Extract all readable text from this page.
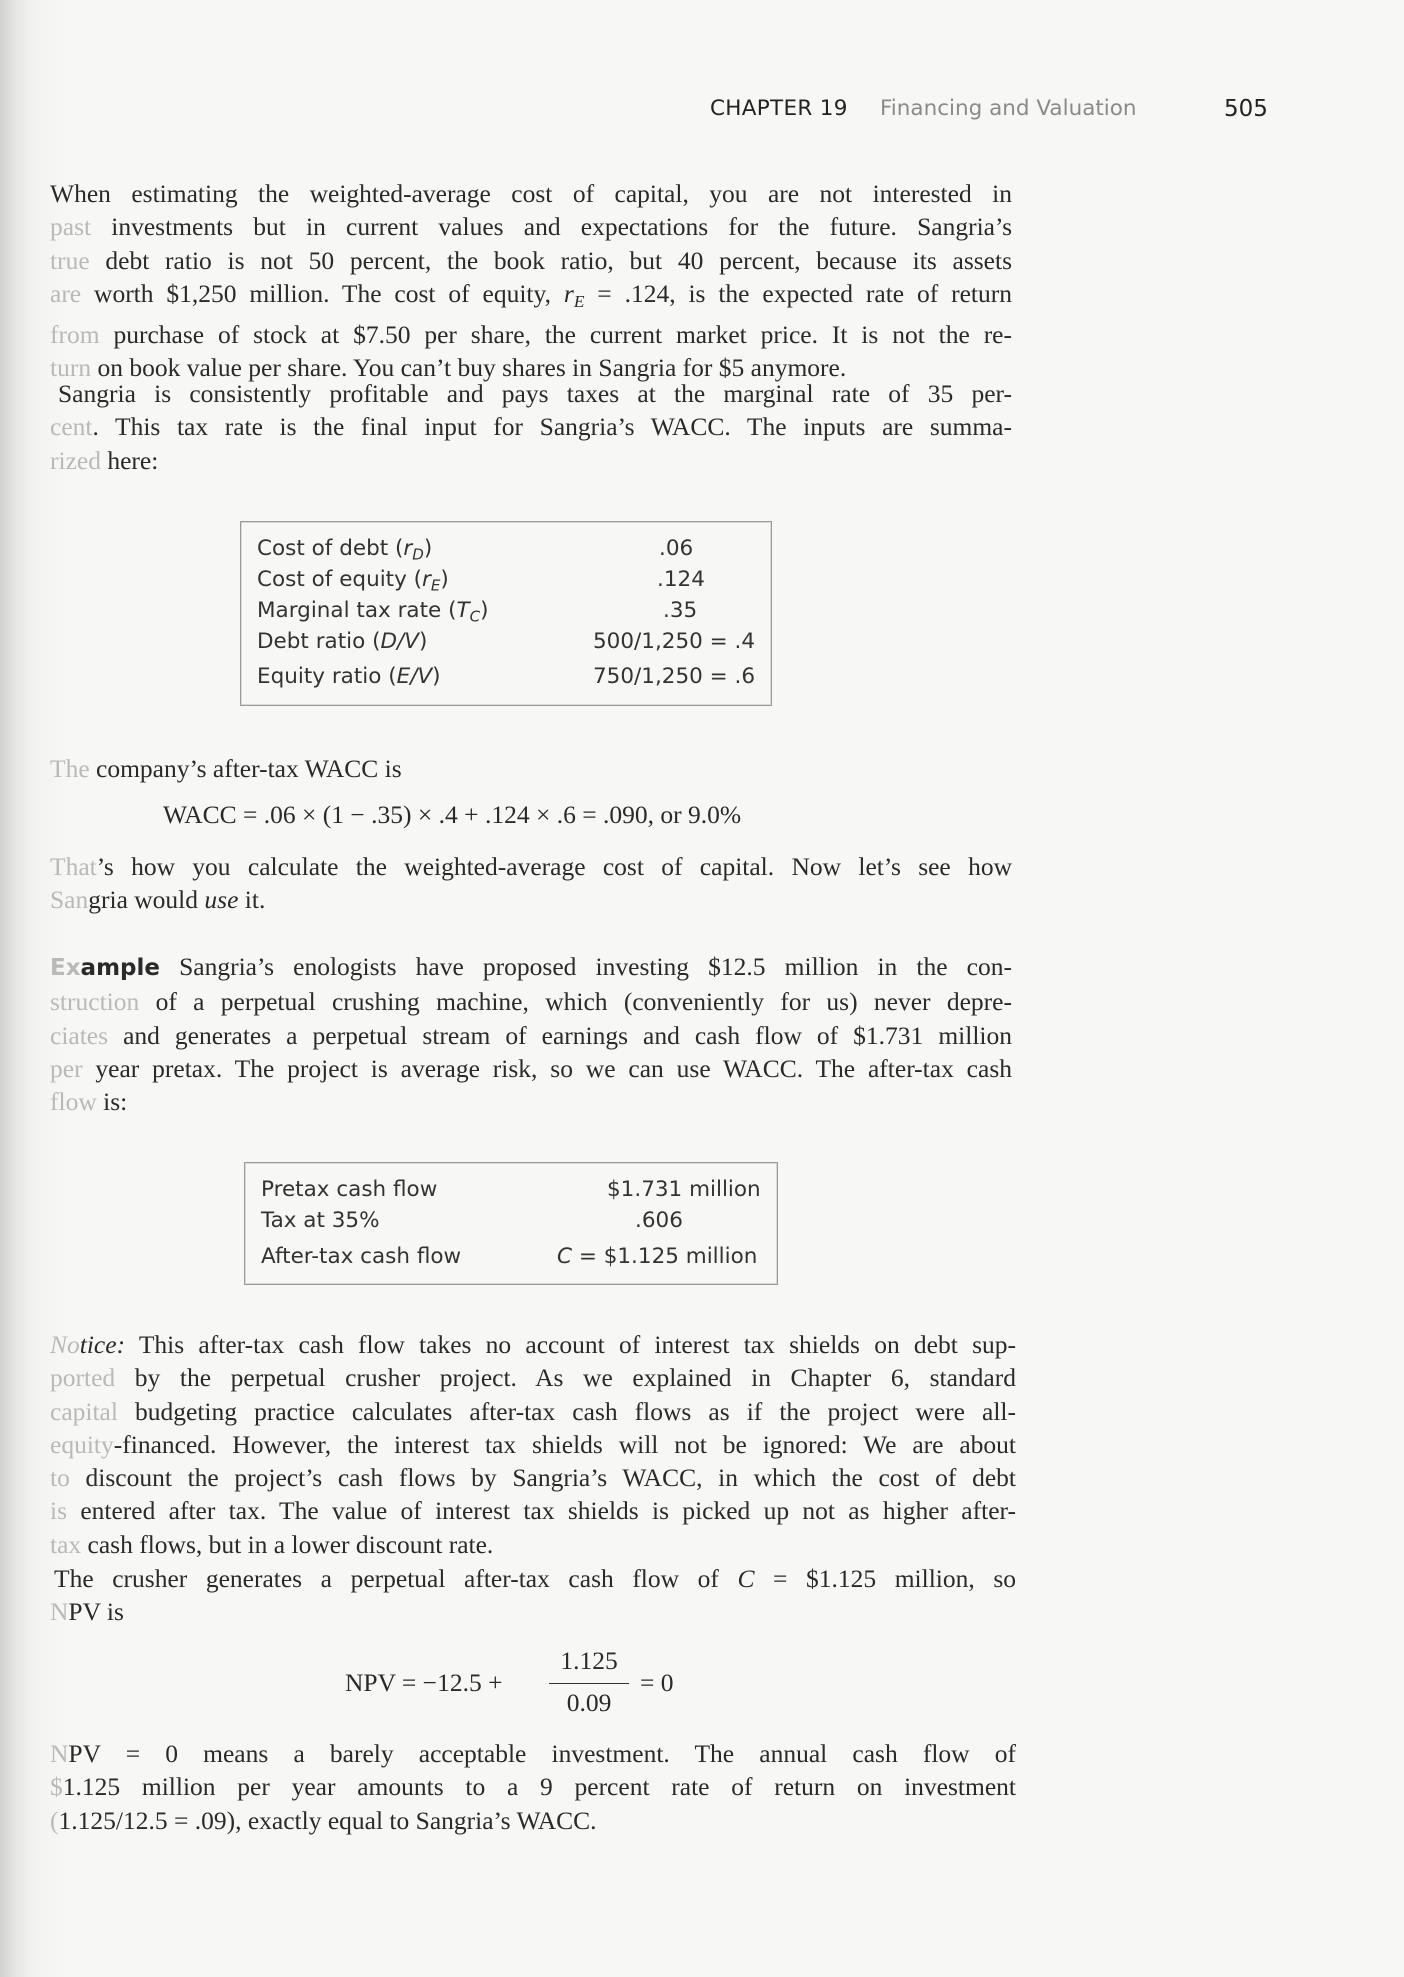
CHAPTER 19 Financing and Valuation	505

When estimating the weighted-average cost of capital, you are not interested in
past investments but in current values and expectations for the future. Sangria’s
true debt ratio is not 50 percent, the book ratio, but 40 percent, because its assets
are worth $1,250 million. The cost of equity, $r_E = .124$, is the expected rate of return
from purchase of stock at $7.50 per share, the current market price. It is not the re-
turn on book value per share. You can’t buy shares in Sangria for $5 anymore.

Sangria is consistently profitable and pays taxes at the marginal rate of 35 per-
cent. This tax rate is the final input for Sangria’s WACC. The inputs are summa-
rized here:

Cost of debt $(r_D)$	.06
Cost of equity $(r_E)$	.124
Marginal tax rate $(T_C)$	.35
Debt ratio (D/V)	500/1,250 = .4
Equity ratio (E/V)	750/1,250 = .6

The company’s after-tax WACC is

WACC = .06 × (1 − .35) × .4 + .124 × .6 = .090, or 9.0%

That’s how you calculate the weighted-average cost of capital. Now let’s see how
Sangria would use it.

Example Sangria’s enologists have proposed investing $12.5 million in the con-
struction of a perpetual crushing machine, which (conveniently for us) never depre-
ciates and generates a perpetual stream of earnings and cash flow of $1.731 million
per year pretax. The project is average risk, so we can use WACC. The after-tax cash
flow is:

Pretax cash flow	$1.731 million
Tax at 35%	.606
After-tax cash flow	C = $1.125 million

Notice: This after-tax cash flow takes no account of interest tax shields on debt sup-
ported by the perpetual crusher project. As we explained in Chapter 6, standard
capital budgeting practice calculates after-tax cash flows as if the project were all-
equity-financed. However, the interest tax shields will not be ignored: We are about
to discount the project’s cash flows by Sangria’s WACC, in which the cost of debt
is entered after tax. The value of interest tax shields is picked up not as higher after-
tax cash flows, but in a lower discount rate.

The crusher generates a perpetual after-tax cash flow of C = $1.125 million, so
NPV is

NPV = −12.5 +
1.125
0.09
= 0

NPV = 0 means a barely acceptable investment. The annual cash flow of
$1.125 million per year amounts to a 9 percent rate of return on investment
(1.125/12.5 = .09), exactly equal to Sangria’s WACC.
